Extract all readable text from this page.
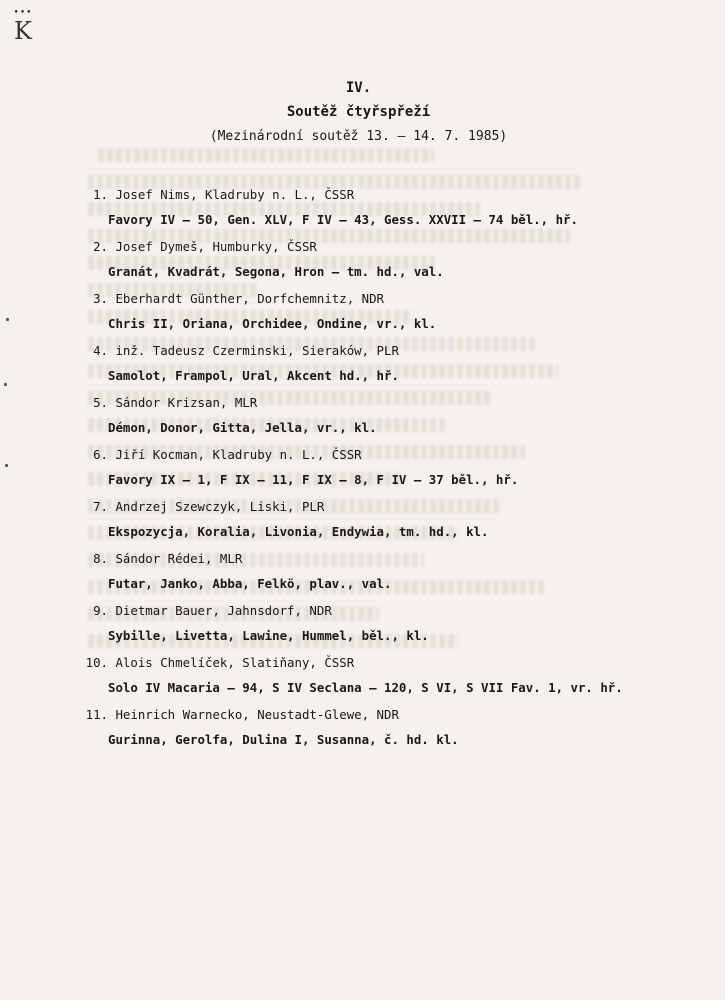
•••
K
IV.
Soutěž čtyřspřeží
(Mezinárodní soutěž 13. — 14. 7. 1985)
1. Josef Nims, Kladruby n. L., ČSSR
Favory IV — 50, Gen. XLV, F IV — 43, Gess. XXVII — 74 běl., hř.
2. Josef Dymeš, Humburky, ČSSR
Granát, Kvadrát, Segona, Hron — tm. hd., val.
3. Eberhardt Günther, Dorfchemnitz, NDR
Chris II, Oriana, Orchidee, Ondine, vr., kl.
4. inž. Tadeusz Czerminski, Sieraków, PLR
Samolot, Frampol, Ural, Akcent hd., hř.
5. Sándor Krizsan, MLR
Démon, Donor, Gitta, Jella, vr., kl.
6. Jiří Kocman, Kladruby n. L., ČSSR
Favory IX — 1, F IX — 11, F IX — 8, F IV — 37 běl., hř.
7. Andrzej Szewczyk, Liski, PLR
Ekspozycja, Koralia, Livonia, Endywia, tm. hd., kl.
8. Sándor Rédei, MLR
Futar, Janko, Abba, Felkö, plav., val.
9. Dietmar Bauer, Jahnsdorf, NDR
Sybille, Livetta, Lawine, Hummel, běl., kl.
10. Alois Chmelíček, Slatiňany, ČSSR
Solo IV Macaria — 94, S IV Seclana — 120, S VI, S VII Fav. 1, vr. hř.
11. Heinrich Warnecko, Neustadt-Glewe, NDR
Gurinna, Gerolfa, Dulina I, Susanna, č. hd. kl.
